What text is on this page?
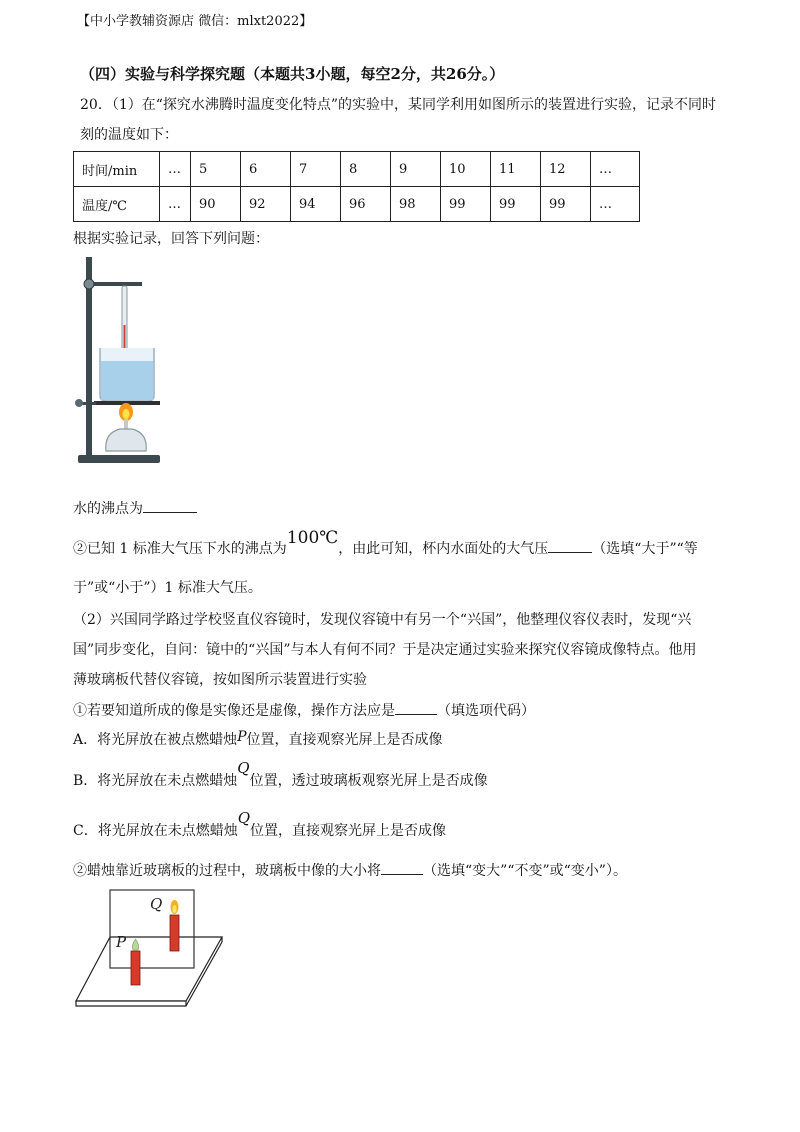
【中小学教辅资源店 微信：mlxt2022】
（四）实验与科学探究题（本题共3小题，每空2分，共26分。）
20．（1）在“探究水沸腾时温度变化特点”的实验中，某同学利用如图所示的装置进行实验，记录不同时
刻的温度如下：
时间/min	…	5	6	7	8	9	10	11	12	…
温度/℃	…	90	92	94	96	98	99	99	99	…
根据实验记录，回答下列问题：
水的沸点为
②已知 1 标准大气压下水的沸点为100℃，由此可知，杯内水面处的大气压	（选填“大于”“等
于”或“小于”）1 标准大气压。
（2）兴国同学路过学校竖直仪容镜时，发现仪容镜中有另一个“兴国”，他整理仪容仪表时，发现“兴
国”同步变化，自问：镜中的“兴国”与本人有何不同？于是决定通过实验来探究仪容镜成像特点。他用
薄玻璃板代替仪容镜，按如图所示装置进行实验
①若要知道所成的像是实像还是虚像，操作方法应是	（填选项代码）
A．将光屏放在被点燃蜡烛P位置，直接观察光屏上是否成像
B．将光屏放在未点燃蜡烛Q位置，透过玻璃板观察光屏上是否成像
C．将光屏放在未点燃蜡烛Q位置，直接观察光屏上是否成像
②蜡烛靠近玻璃板的过程中，玻璃板中像的大小将	（选填“变大”“不变”或“变小”）。
Q
P
